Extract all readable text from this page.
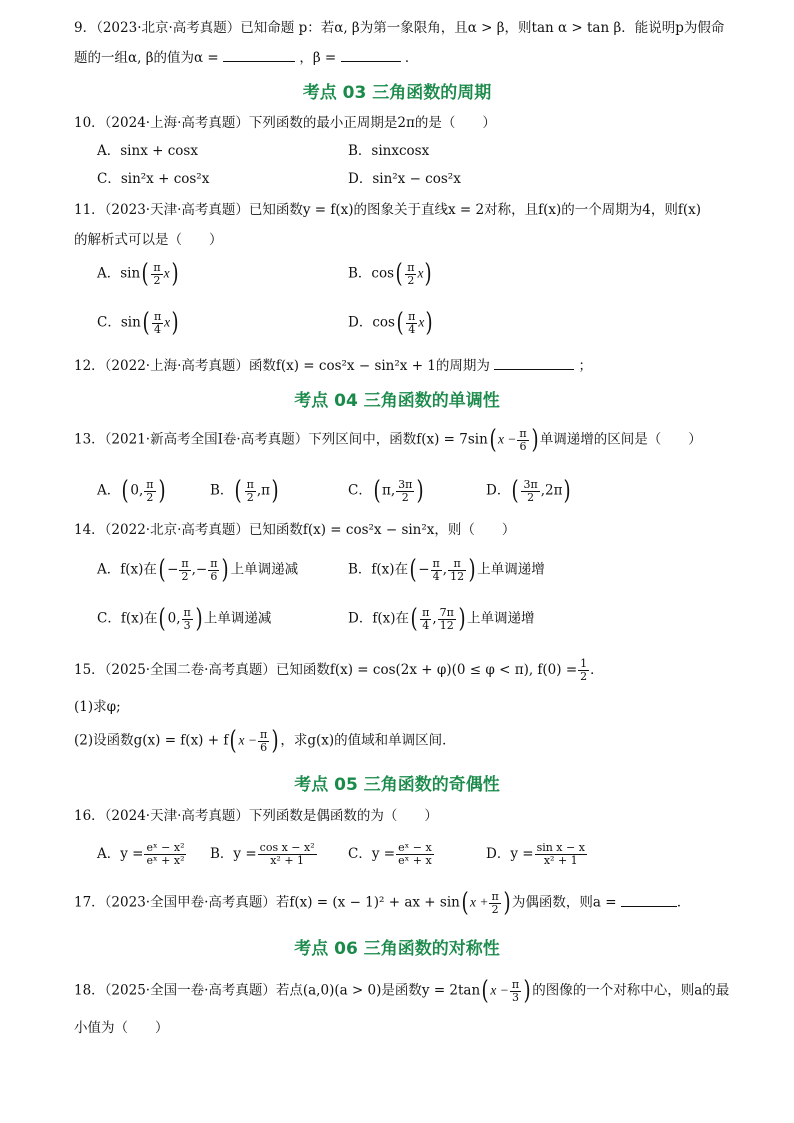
9．（2023·北京·高考真题）已知命题 p：若α, β为第一象限角，且α > β，则tan α > tan β．能说明p为假命
题的一组α, β的值为α =	，β =	．
考点 03 三角函数的周期
10．（2024·上海·高考真题）下列函数的最小正周期是2π的是（　　）
A．sinx + cosx	B．sinxcosx
C．sin²x + cos²x	D．sin²x − cos²x
11．（2023·天津·高考真题）已知函数y = f(x)的图象关于直线x = 2对称，且f(x)的一个周期为4，则f(x)
的解析式可以是（　　）
A．$\sin( \frac{\pi}{2} x)$	B．$\cos( \frac{\pi}{2} x)$
C．$\sin( \frac{\pi}{4} x)$	D．$\cos( \frac{\pi}{4} x)$
12．（2022·上海·高考真题）函数f(x) = cos²x − sin²x + 1的周期为	；
考点 04 三角函数的单调性
13．（2021·新高考全国Ⅰ卷·高考真题）下列区间中，函数f(x) = 7sin( $x - \frac{\pi}{6}$ ) 单调递增的区间是（　　）
A．( 0, $\frac{\pi}{2}$ )	B．( $\frac{\pi}{2} ,\pi$)	C．( π, $\frac{3\pi}{2}$ )	D．( $\frac{3\pi}{2} ,2\pi$)
14．（2022·北京·高考真题）已知函数f(x) = cos²x − sin²x，则（　　）
A．f(x)在( − $\frac{\pi}{2}$ ,− $\frac{\pi}{6}$ ) 上单调递减	B．f(x)在( − $\frac{\pi}{4}$ , $\frac{\pi}{12}$ ) 上单调递增
C．f(x)在( 0, $\frac{\pi}{3}$ ) 上单调递减	D．f(x)在( $\frac{\pi}{4}$ , $\frac{7\pi}{12}$ ) 上单调递增
15．（2025·全国二卷·高考真题）已知函数f(x) = cos(2x + φ)(0 ≤ φ < π), $f(0) = \frac{1}{2}$ ．
(1)求φ;
(2)设函数g(x) = f(x) + f( $x - \frac{\pi}{6}$ ) ，求g(x)的值域和单调区间．
考点 05 三角函数的奇偶性
16．（2024·天津·高考真题）下列函数是偶函数的为（　　）
A．$y = \frac{\text{eˣ − x²}}{\text{eˣ + x²}}$ B．$y = \frac{\text{cos x − x²}}{\text{x² + 1}}$ C．$y = \frac{\text{eˣ − x}}{\text{eˣ + x}}$	D．$y = \frac{\text{sin x − x}}{\text{x² + 1}}$
17．（2023·全国甲卷·高考真题）若f(x) = (x − 1)² + ax + sin( $x + \frac{\pi}{2}$ ) 为偶函数，则a =	．
考点 06 三角函数的对称性
18．（2025·全国一卷·高考真题）若点(a,0)(a > 0)是函数y = 2tan( $x - \frac{\pi}{3}$ ) 的图像的一个对称中心，则a的最
小值为（　　）
